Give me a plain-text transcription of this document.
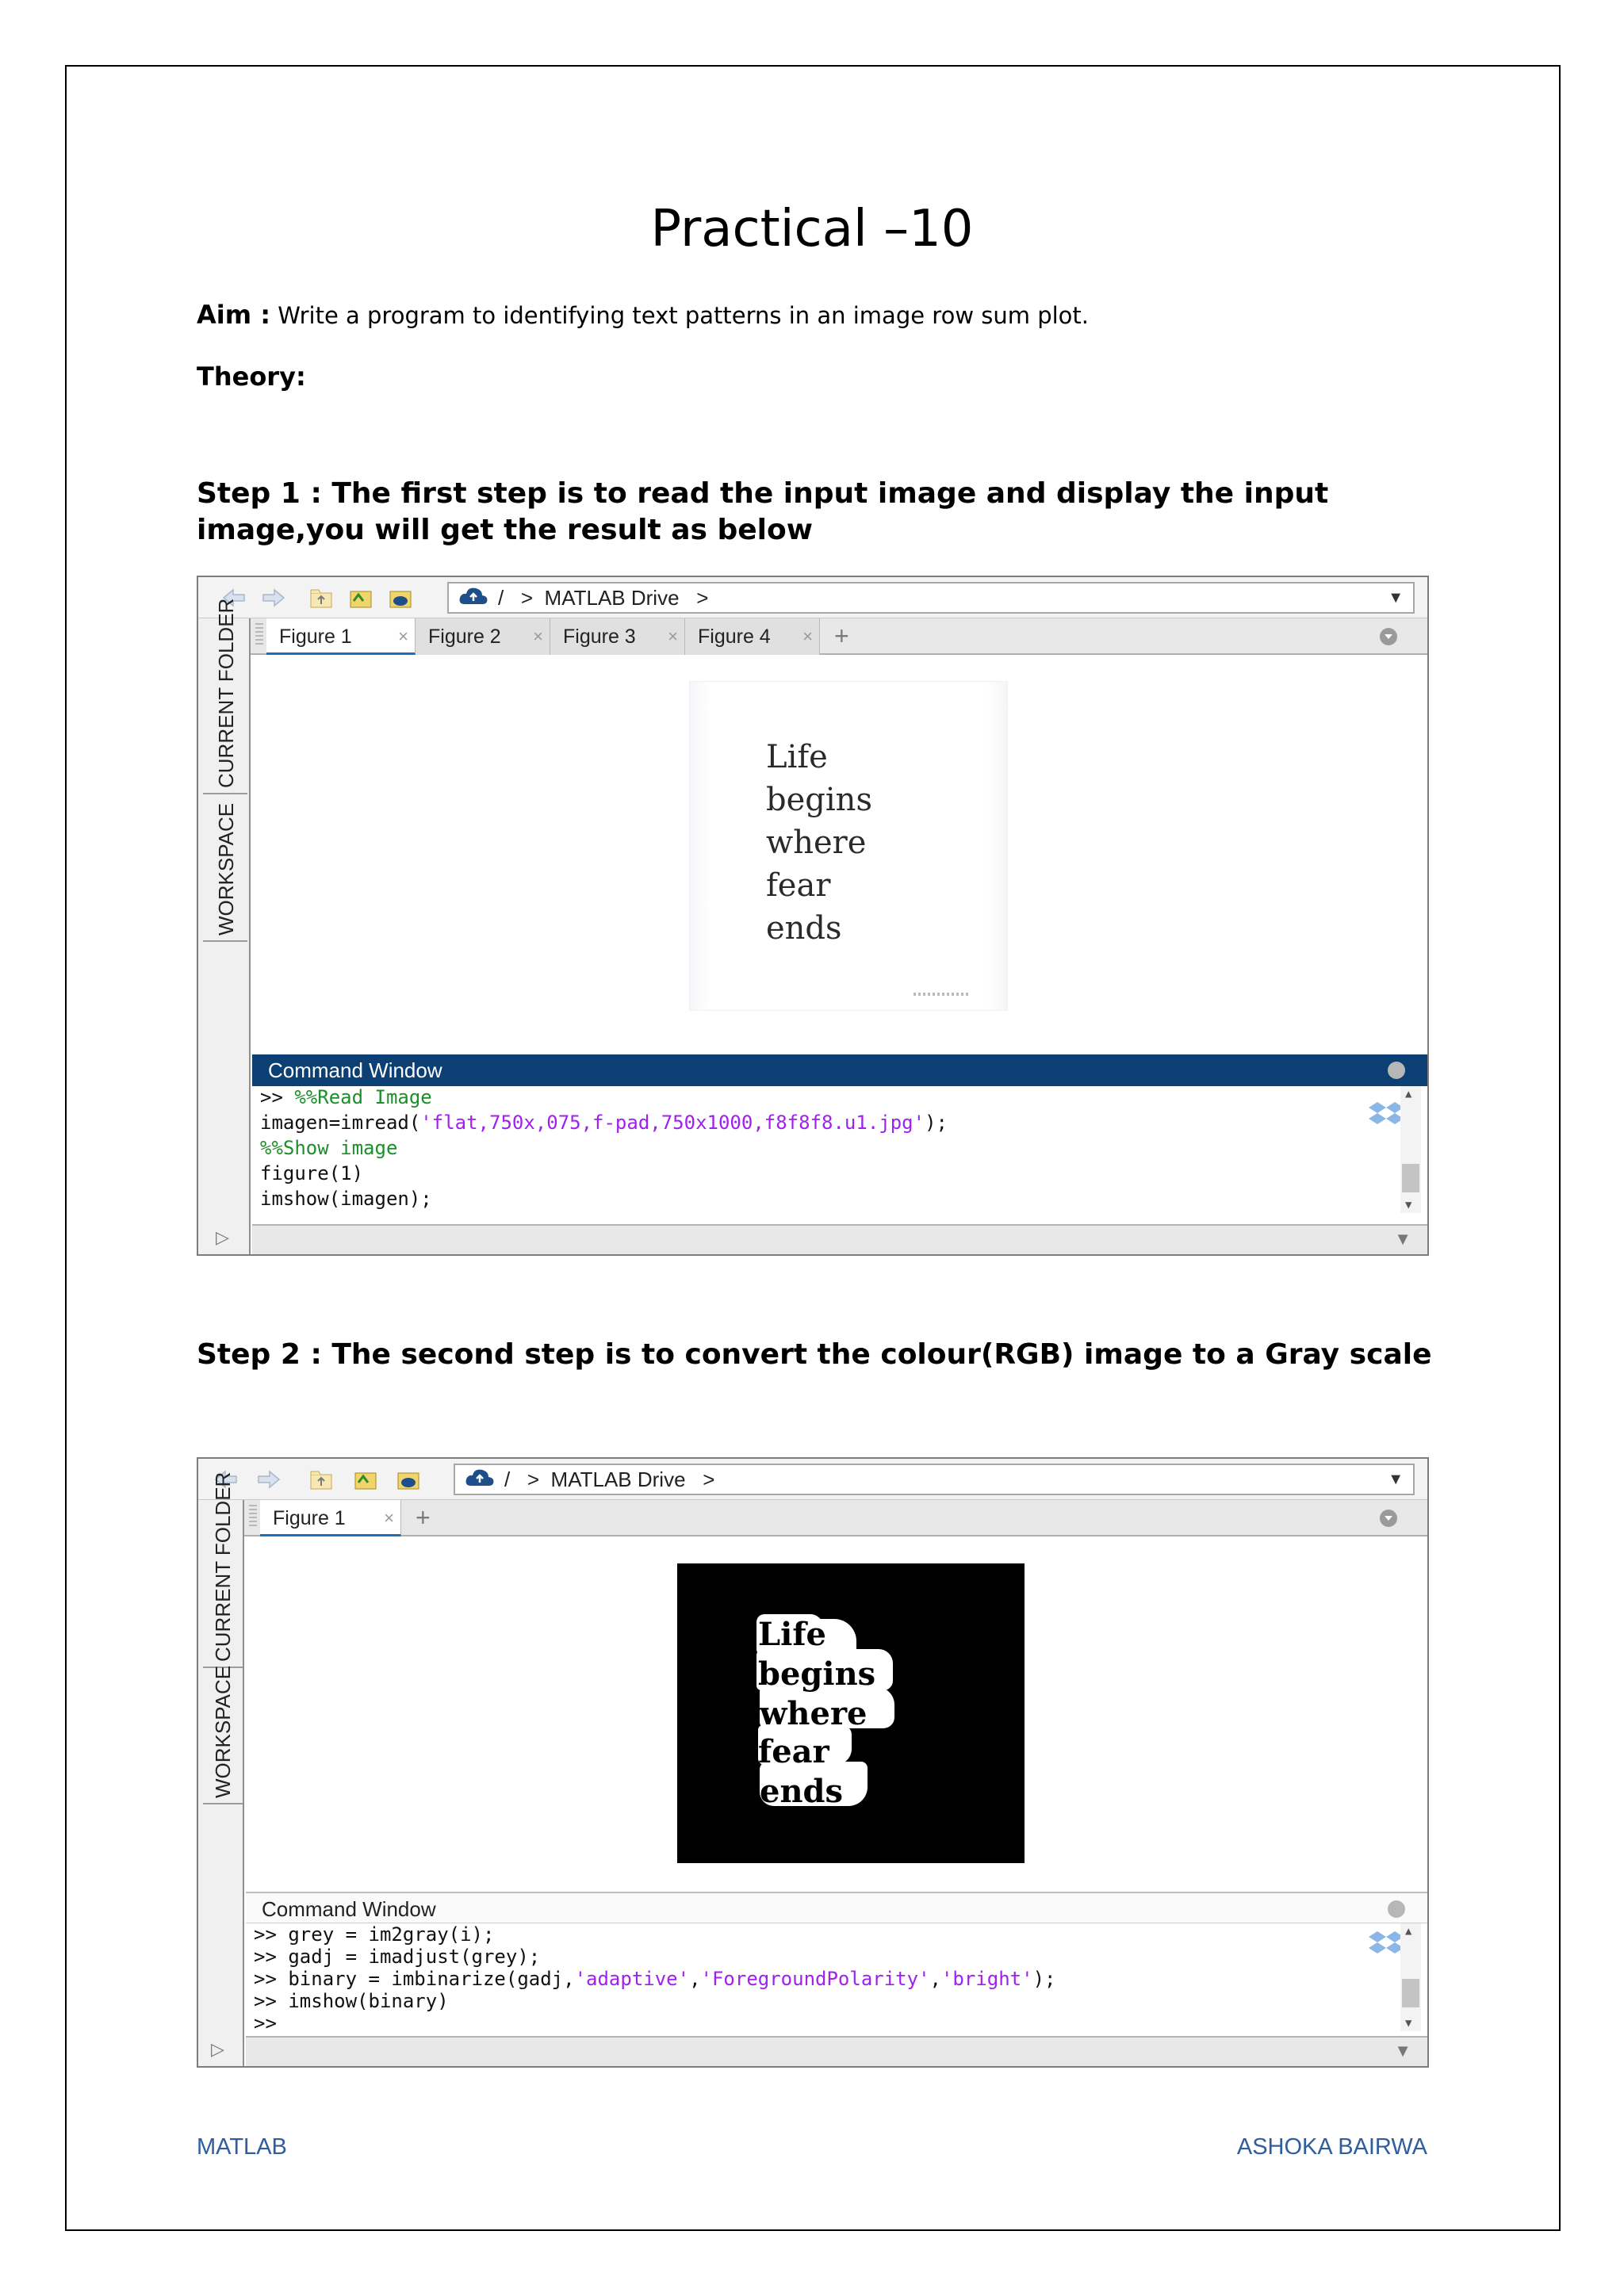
Practical –10
Aim : Write a program to identifying text patterns in an image row sum plot.
Theory:
Step 1 : The first step is to read the input image and display the input image,you will get the result as below
/ > MATLAB Drive >	▼
CURRENT FOLDER
WORKSPACE
▷
Figure 1	×	Figure 2 ×	Figure 3 ×	Figure 4 × +
Life
begins
where
fear
ends
Command Window
>> %%Read Image
imagen=imread('flat,750x,075,f-pad,750x1000,f8f8f8.u1.jpg');
%%Show image
figure(1)
imshow(imagen);
▲
▼
▼
Step 2 : The second step is to convert the colour(RGB) image to a Gray scale
/ > MATLAB Drive >	▼
CURRENT FOLDER
WORKSPACE
▷
Figure 1 × +
Life
begins
where
fear
ends
Command Window
>> grey = im2gray(i);
>> gadj = imadjust(grey);
>> binary = imbinarize(gadj,'adaptive','ForegroundPolarity','bright');
>> imshow(binary)
>>
▲
▼
▼
MATLAB	ASHOKA BAIRWA
